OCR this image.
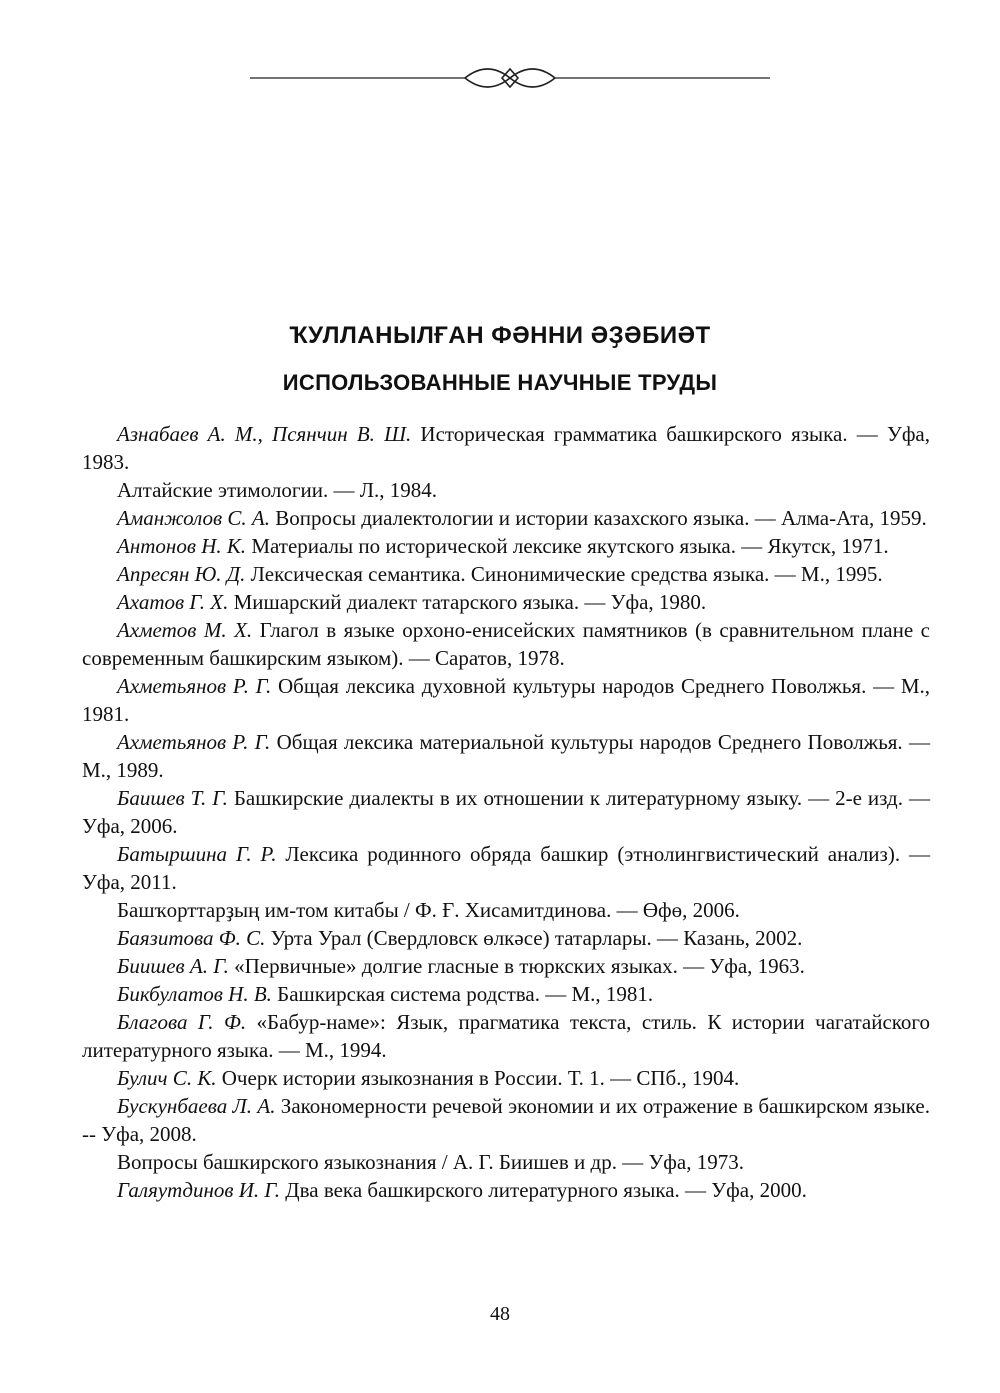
ҠУЛЛАНЫЛҒАН ФӘННИ ӘҘӘБИӘТ
ИСПОЛЬЗОВАННЫЕ НАУЧНЫЕ ТРУДЫ

Азнабаев А. М., Псянчин В. Ш. Историческая грамматика башкирского языка. — Уфа, 1983.

Алтайские этимологии. — Л., 1984.

Аманжолов С. А. Вопросы диалектологии и истории казахского языка. — Алма-Ата, 1959.

Антонов Н. К. Материалы по исторической лексике якутского языка. — Якутск, 1971.

Апресян Ю. Д. Лексическая семантика. Синонимические средства языка. — М., 1995.

Ахатов Г. Х. Мишарский диалект татарского языка. — Уфа, 1980.

Ахметов М. Х. Глагол в языке орхоно-енисейских памятников (в сравнительном плане с современным башкирским языком). — Саратов, 1978.

Ахметьянов Р. Г. Общая лексика духовной культуры народов Среднего Поволжья. — М., 1981.

Ахметьянов Р. Г. Общая лексика материальной культуры народов Среднего Поволжья. — М., 1989.

Баишев Т. Г. Башкирские диалекты в их отношении к литературному языку. — 2-е изд. — Уфа, 2006.

Батыршина Г. Р. Лексика родинного обряда башкир (этнолингвистический анализ). — Уфа, 2011.

Башҡорттарҙың им-том китабы / Ф. Ғ. Хисамитдинова. — Өфө, 2006.

Баязитова Ф. С. Урта Урал (Свердловск өлкәсе) татарлары. — Казань, 2002.

Биишев А. Г. «Первичные» долгие гласные в тюркских языках. — Уфа, 1963.

Бикбулатов Н. В. Башкирская система родства. — М., 1981.

Благова Г. Ф. «Бабур-наме»: Язык, прагматика текста, стиль. К истории чагатайского литературного языка. — М., 1994.

Булич С. К. Очерк истории языкознания в России. Т. 1. — СПб., 1904.

Бускунбаева Л. А. Закономерности речевой экономии и их отражение в башкирском языке. -- Уфа, 2008.

Вопросы башкирского языкознания / А. Г. Биишев и др. — Уфа, 1973.

Галяутдинов И. Г. Два века башкирского литературного языка. — Уфа, 2000.

48
